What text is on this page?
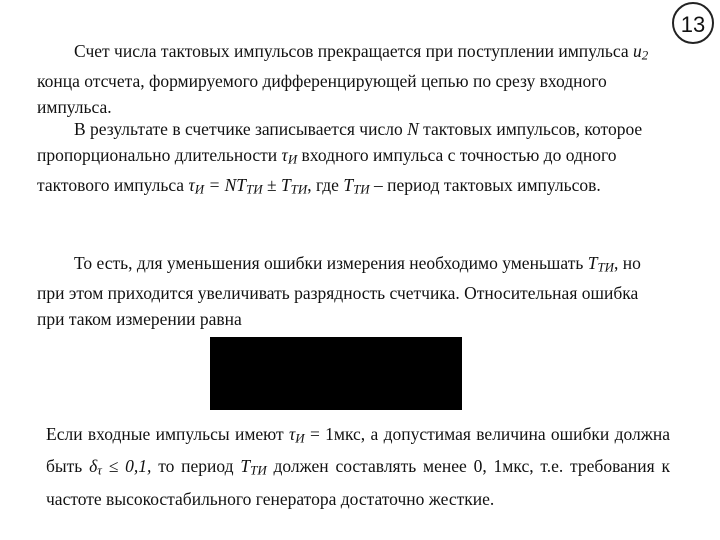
13

Счет числа тактовых импульсов прекращается при поступлении импульса u2 конца отсчета, формируемого дифференцирующей цепью по срезу входного импульса.

В результате в счетчике записывается число N тактовых импульсов, которое пропорционально длительности τИ входного импульса с точностью до одного тактового импульса τИ = NTТИ ± TТИ, где TТИ – период тактовых импульсов.

То есть, для уменьшения ошибки измерения необходимо уменьшать TТИ, но при этом приходится увеличивать разрядность счетчика. Относительная ошибка при таком измерении равна

Если входные импульсы имеют τИ = 1мкс, а допустимая величина ошибки должна быть δτ ≤ 0,1, то период TТИ должен составлять менее 0, 1мкс, т.е. требования к частоте высокостабильного генератора достаточно жесткие.
